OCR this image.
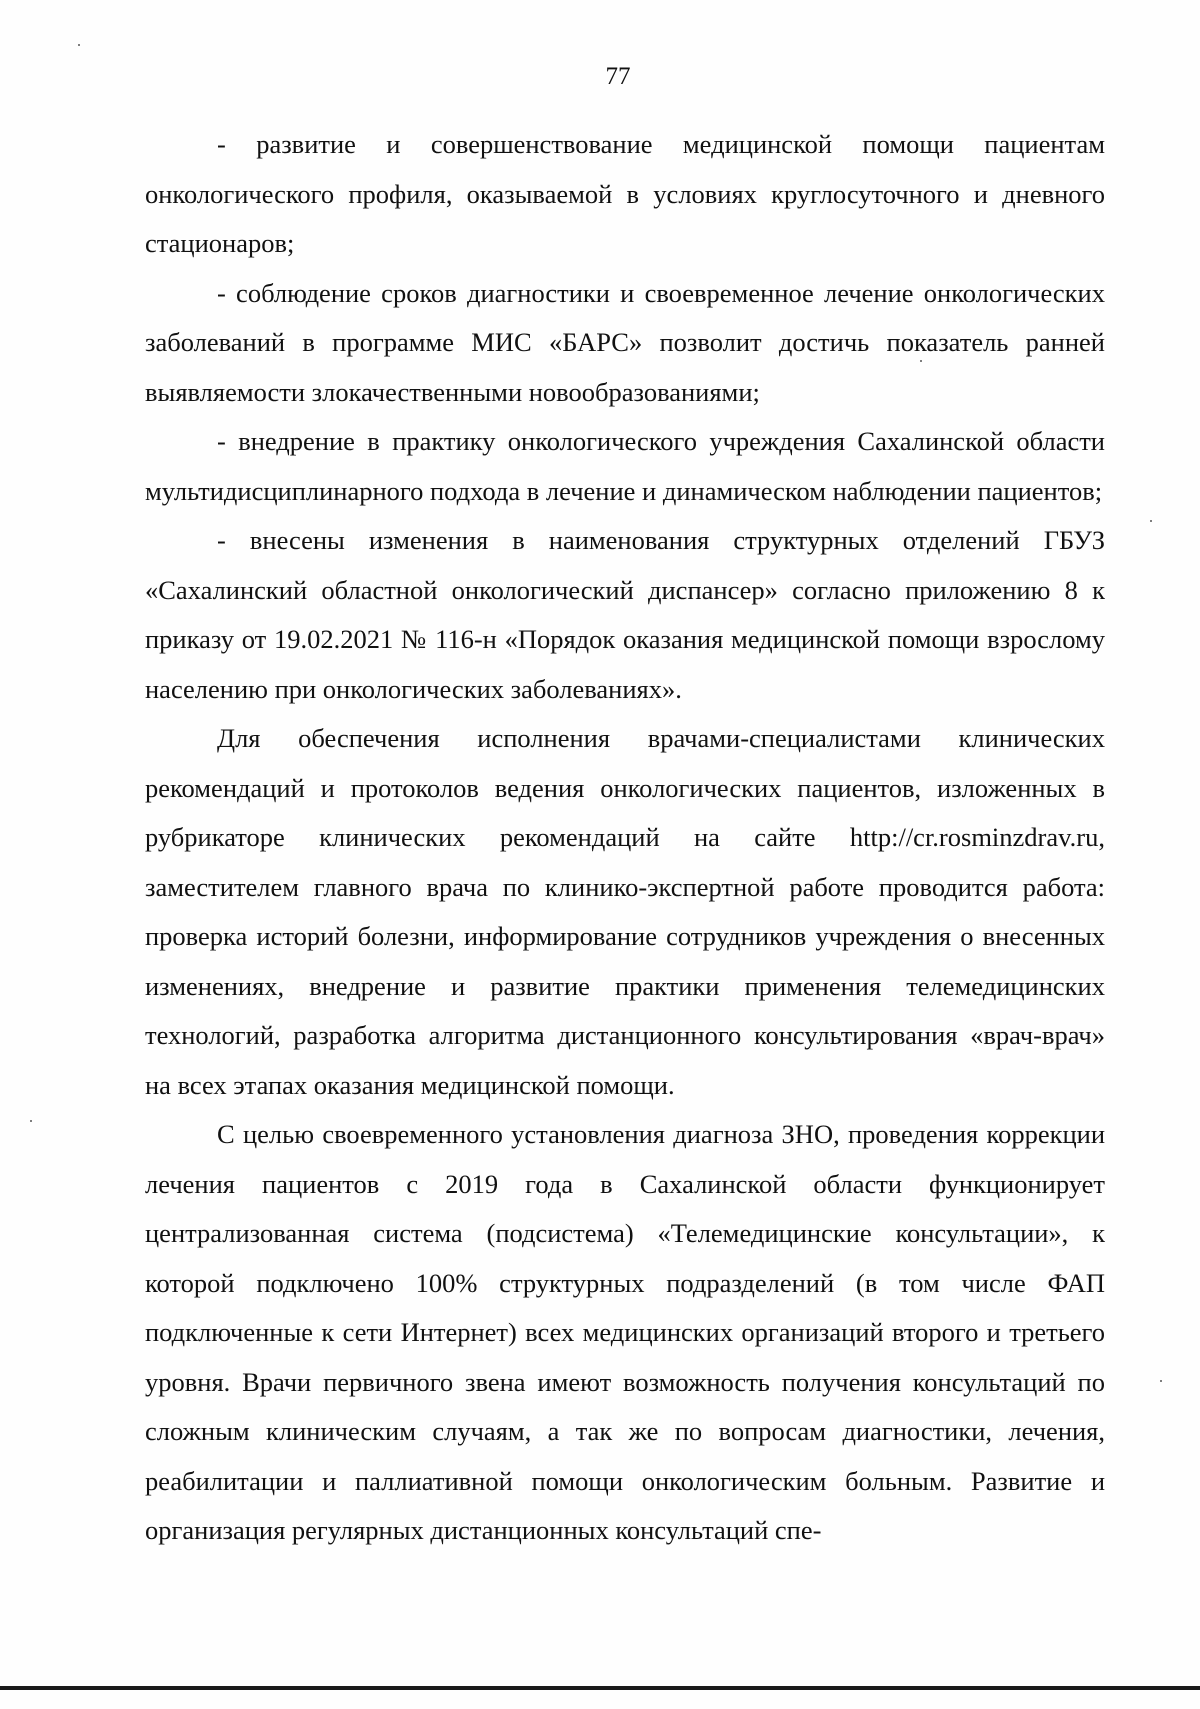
77

- развитие и совершенствование медицинской помощи пациентам онкологического профиля, оказываемой в условиях круглосуточного и дневного стационаров;

- соблюдение сроков диагностики и своевременное лечение онкологических заболеваний в программе МИС «БАРС» позволит достичь показатель ранней выявляемости злокачественными новообразованиями;

- внедрение в практику онкологического учреждения Сахалинской области мультидисциплинарного подхода в лечение и динамическом наблюдении пациентов;

- внесены изменения в наименования структурных отделений ГБУЗ «Сахалинский областной онкологический диспансер» согласно приложению 8 к приказу от 19.02.2021 № 116-н «Порядок оказания медицинской помощи взрослому населению при онкологических заболеваниях».

Для обеспечения исполнения врачами-специалистами клинических рекомендаций и протоколов ведения онкологических пациентов, изложенных в рубрикаторе клинических рекомендаций на сайте http://cr.rosminzdrav.ru, заместителем главного врача по клинико-экспертной работе проводится работа: проверка историй болезни, информирование сотрудников учреждения о внесенных изменениях, внедрение и развитие практики применения телемедицинских технологий, разработка алгоритма дистанционного консультирования «врач-врач» на всех этапах оказания медицинской помощи.

С целью своевременного установления диагноза ЗНО, проведения коррекции лечения пациентов с 2019 года в Сахалинской области функционирует централизованная система (подсистема) «Телемедицинские консультации», к которой подключено 100% структурных подразделений (в том числе ФАП подключенные к сети Интернет) всех медицинских организаций второго и третьего уровня. Врачи первичного звена имеют возможность получения консультаций по сложным клиническим случаям, а так же по вопросам диагностики, лечения, реабилитации и паллиативной помощи онкологическим больным. Развитие и организация регулярных дистанционных консультаций спе-
